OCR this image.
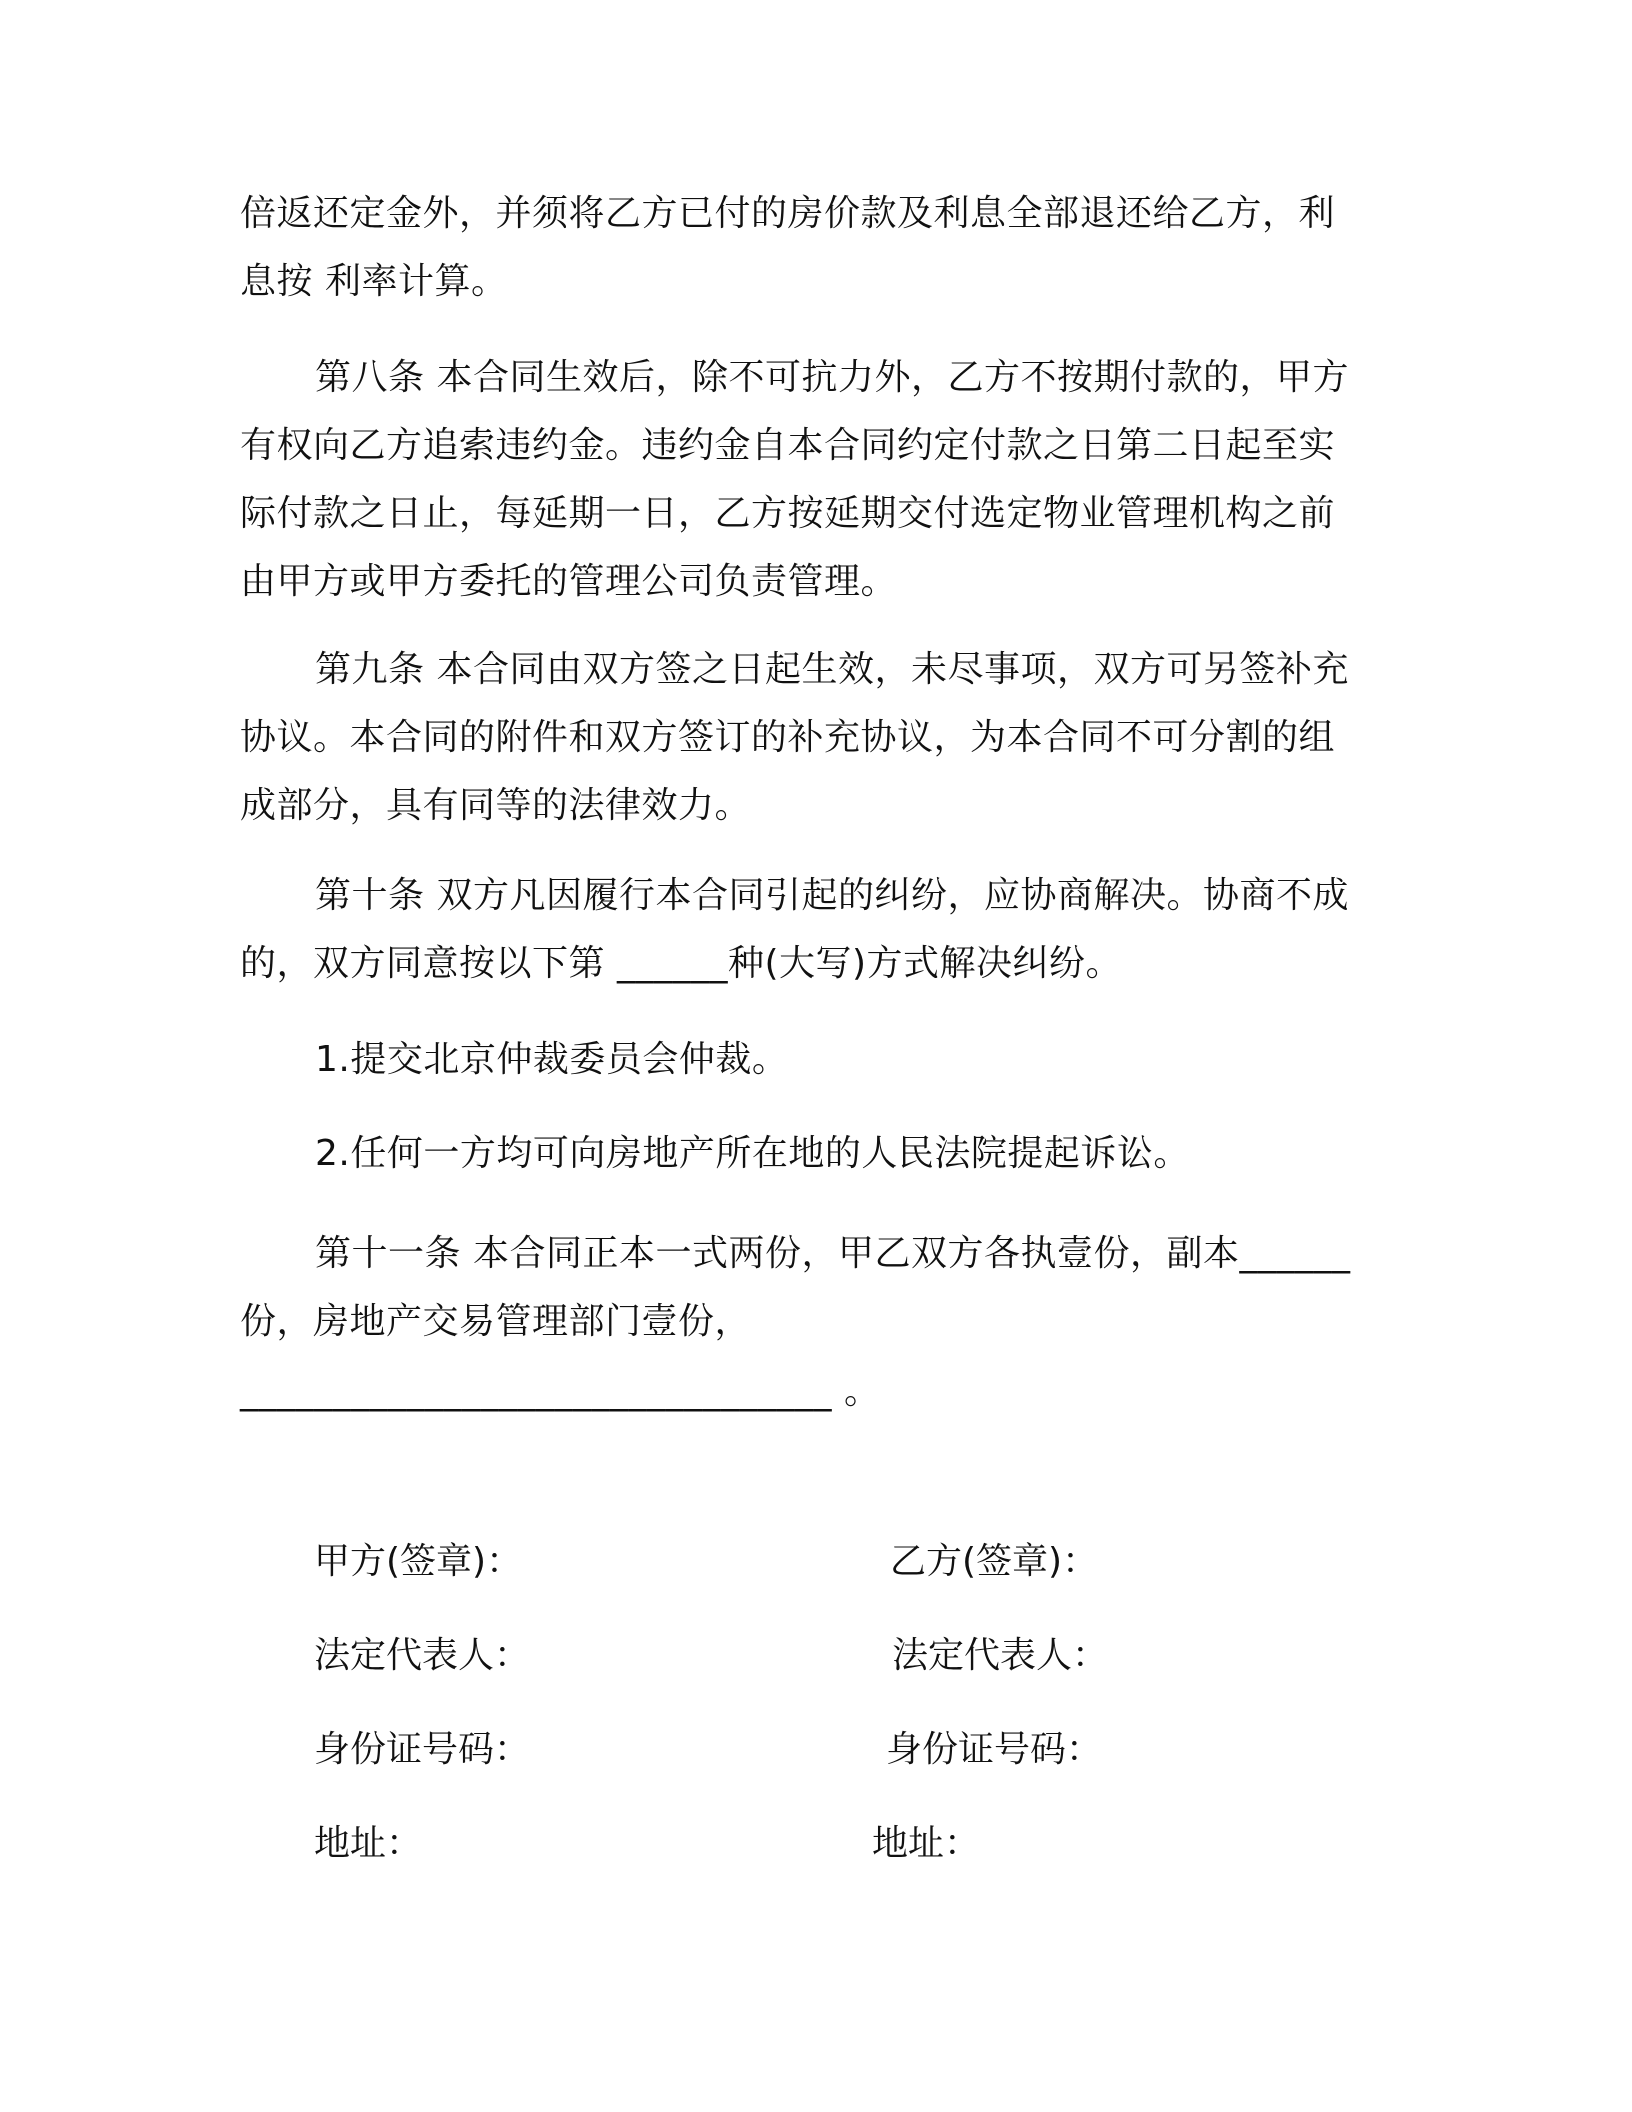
倍返还定金外，并须将乙方已付的房价款及利息全部退还给乙方，利
息按 利率计算。
第八条 本合同生效后，除不可抗力外，乙方不按期付款的，甲方
有权向乙方追索违约金。违约金自本合同约定付款之日第二日起至实
际付款之日止，每延期一日，乙方按延期交付选定物业管理机构之前
由甲方或甲方委托的管理公司负责管理。
第九条 本合同由双方签之日起生效，未尽事项，双方可另签补充
协议。本合同的附件和双方签订的补充协议，为本合同不可分割的组
成部分，具有同等的法律效力。
第十条 双方凡因履行本合同引起的纠纷，应协商解决。协商不成
的，双方同意按以下第 ______种(大写)方式解决纠纷。
1.提交北京仲裁委员会仲裁。
2.任何一方均可向房地产所在地的人民法院提起诉讼。
第十一条 本合同正本一式两份，甲乙双方各执壹份，副本______
份，房地产交易管理部门壹份，
________________________________ 。
甲方(签章)：
法定代表人：
身份证号码：
地址：
乙方(签章)：
法定代表人：
身份证号码：
地址：
